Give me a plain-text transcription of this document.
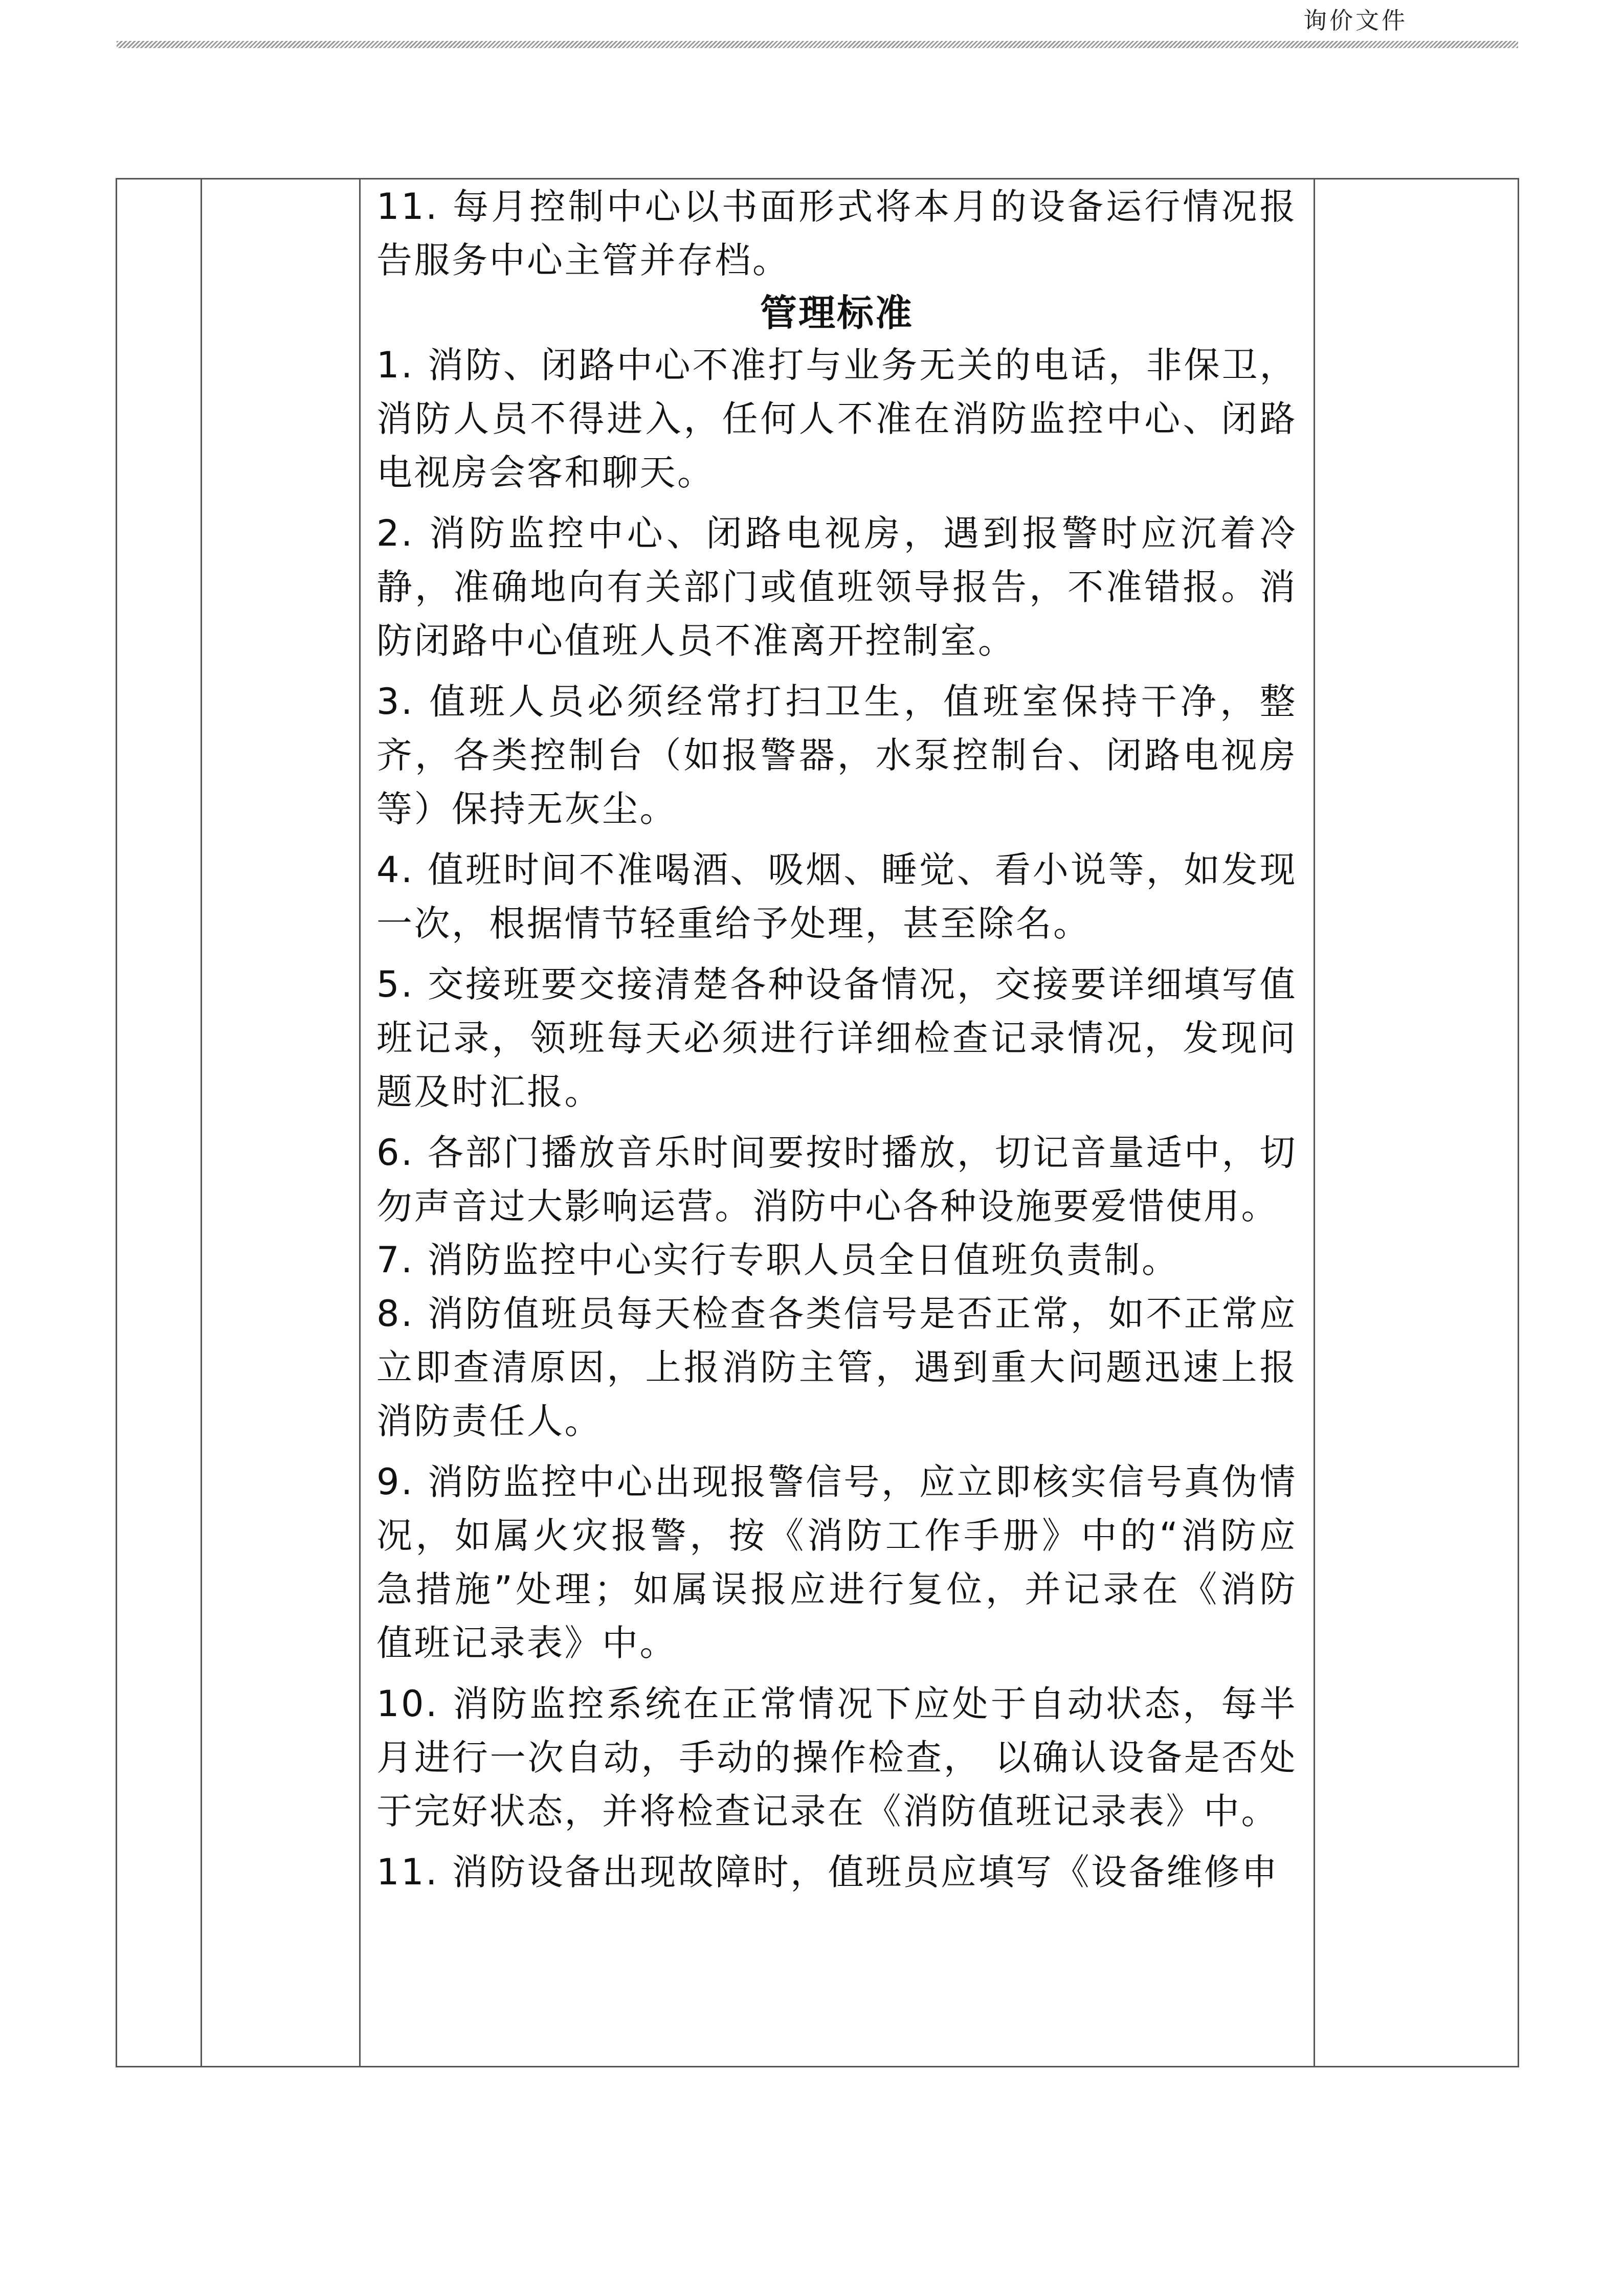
询价文件

11. 每月控制中心以书面形式将本月的设备运行情况报告服务中心主管并存档。

管理标准

1. 消防、闭路中心不准打与业务无关的电话，非保卫，消防人员不得进入，任何人不准在消防监控中心、闭路电视房会客和聊天。

2. 消防监控中心、闭路电视房，遇到报警时应沉着冷静，准确地向有关部门或值班领导报告，不准错报。消防闭路中心值班人员不准离开控制室。

3. 值班人员必须经常打扫卫生，值班室保持干净，整齐，各类控制台（如报警器，水泵控制台、闭路电视房等）保持无灰尘。

4. 值班时间不准喝酒、吸烟、睡觉、看小说等，如发现一次，根据情节轻重给予处理，甚至除名。

5. 交接班要交接清楚各种设备情况，交接要详细填写值班记录，领班每天必须进行详细检查记录情况，发现问题及时汇报。

6. 各部门播放音乐时间要按时播放，切记音量适中，切勿声音过大影响运营。消防中心各种设施要爱惜使用。

7. 消防监控中心实行专职人员全日值班负责制。

8. 消防值班员每天检查各类信号是否正常，如不正常应立即查清原因，上报消防主管，遇到重大问题迅速上报消防责任人。

9. 消防监控中心出现报警信号，应立即核实信号真伪情况，如属火灾报警，按《消防工作手册》中的“消防应急措施”处理；如属误报应进行复位，并记录在《消防值班记录表》中。

10. 消防监控系统在正常情况下应处于自动状态，每半月进行一次自动，手动的操作检查， 以确认设备是否处于完好状态，并将检查记录在《消防值班记录表》中。

11. 消防设备出现故障时，值班员应填写《设备维修申
